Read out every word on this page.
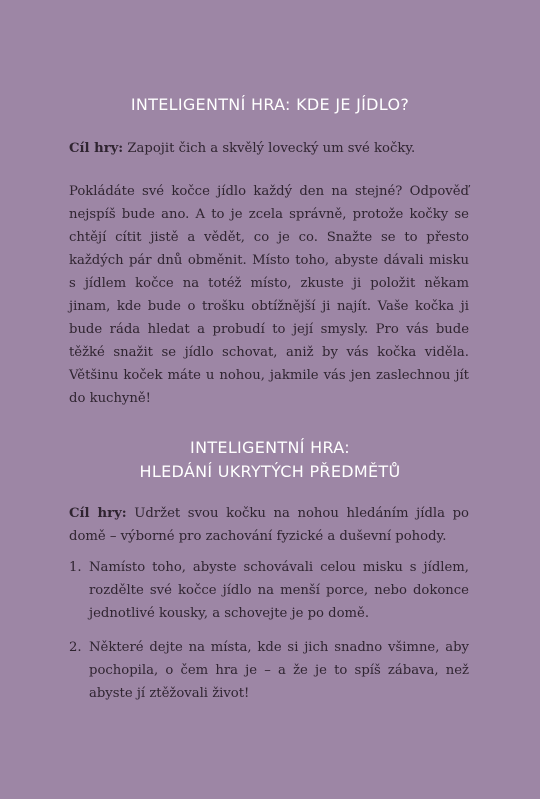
INTELIGENTNÍ HRA: KDE JE JÍDLO?
Cíl hry: Zapojit čich a skvělý lovecký um své kočky.
Pokládáte své kočce jídlo každý den na stejné? Odpověď nejspíš bude ano. A to je zcela správně, protože kočky se chtějí cítit jistě a vědět, co je co. Snažte se to přesto každých pár dnů obměnit. Místo toho, abyste dávali misku s jídlem kočce na totéž místo, zkuste ji položit někam jinam, kde bude o trošku obtížnější ji najít. Vaše kočka ji bude ráda hledat a probudí to její smysly. Pro vás bude těžké snažit se jídlo schovat, aniž by vás kočka viděla. Většinu koček máte u nohou, jakmile vás jen zaslechnou jít do kuchyně!
INTELIGENTNÍ HRA:
HLEDÁNÍ UKRYTÝCH PŘEDMĚTŮ
Cíl hry: Udržet svou kočku na nohou hledáním jídla po domě – výborné pro zachování fyzické a duševní pohody.
1. Namísto toho, abyste schovávali celou misku s jídlem, rozdělte své kočce jídlo na menší porce, nebo dokonce jednotlivé kousky, a schovejte je po domě.
2. Některé dejte na místa, kde si jich snadno všimne, aby pochopila, o čem hra je – a že je to spíš zábava, než abyste jí ztěžovali život!
